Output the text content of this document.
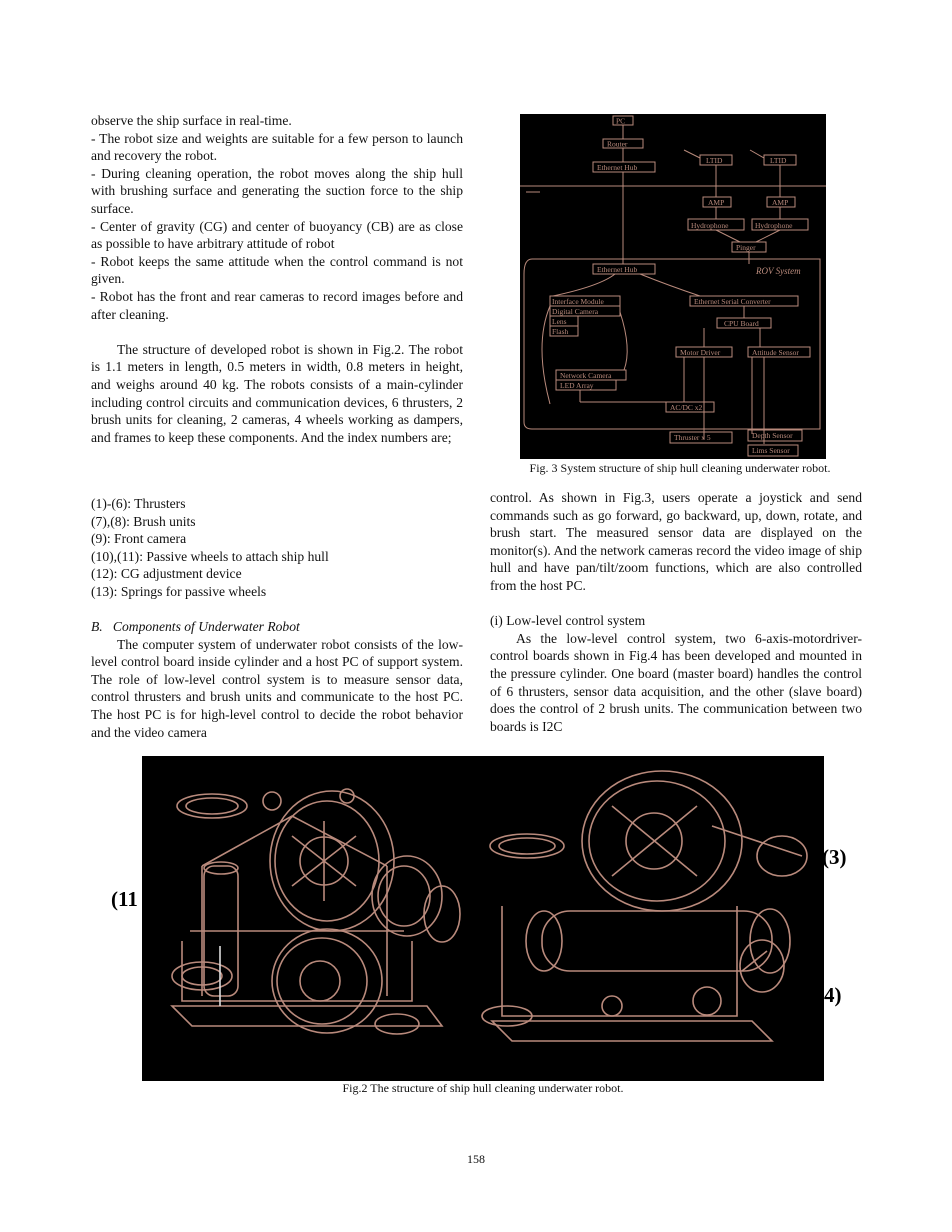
observe the ship surface in real-time.

- The robot size and weights are suitable for a few person to launch and recovery the robot.

- During cleaning operation, the robot moves along the ship hull with brushing surface and generating the suction force to the ship surface.

- Center of gravity (CG) and center of buoyancy (CB) are as close as possible to have arbitrary attitude of robot

- Robot keeps the same attitude when the control command is not given.

- Robot has the front and rear cameras to record images before and after cleaning.

The structure of developed robot is shown in Fig.2. The robot is 1.1 meters in length, 0.5 meters in width, 0.8 meters in height, and weighs around 40 kg. The robots consists of a main-cylinder including control circuits and communication devices, 6 thrusters, 2 brush units for cleaning, 2 cameras, 4 wheels working as dampers, and frames to keep these components. And the index numbers are;

(1)-(6): Thrusters

(7),(8): Brush units

(9): Front camera

(10),(11): Passive wheels to attach ship hull

(12): CG adjustment device

(13): Springs for passive wheels

B.   Components of Underwater Robot

The computer system of underwater robot consists of the low-level control board inside cylinder and a host PC of support system. The role of low-level control system is to measure sensor data, control thrusters and brush units and communicate to the host PC. The host PC is for high-level control to decide the robot behavior and the video camera

control. As shown in Fig.3, users operate a joystick and send commands such as go forward, go backward, up, down, rotate, and brush start. The measured sensor data are displayed on the monitor(s). And the network cameras record the video image of ship hull and have pan/tilt/zoom functions, which are also controlled from the host PC.

(i) Low-level control system

As the low-level control system, two 6-axis-motordriver-control boards shown in Fig.4 has been developed and mounted in the pressure cylinder. One board (master board) handles the control of 6 thrusters, sensor data acquisition, and the other (slave board) does the control of 2 brush units. The communication between two boards is I2C

PC
Router
Ethernet Hub
LTID	LTID
AMP	AMP
Hydrophone	Hydrophone
Pinger
ROV System
Ethernet Hub
Interface Module
Digital Camera
Lens
Flash
Ethernet Serial Converter
CPU Board
Motor Driver	Attitude Sensor
Network Camera
LED Array
AC/DC x2
Thruster x 5	Depth Sensor
Lims Sensor
Fig. 3 System structure of ship hull cleaning underwater robot.
(11
(3)
4)
Fig.2 The structure of ship hull cleaning underwater robot.
158
